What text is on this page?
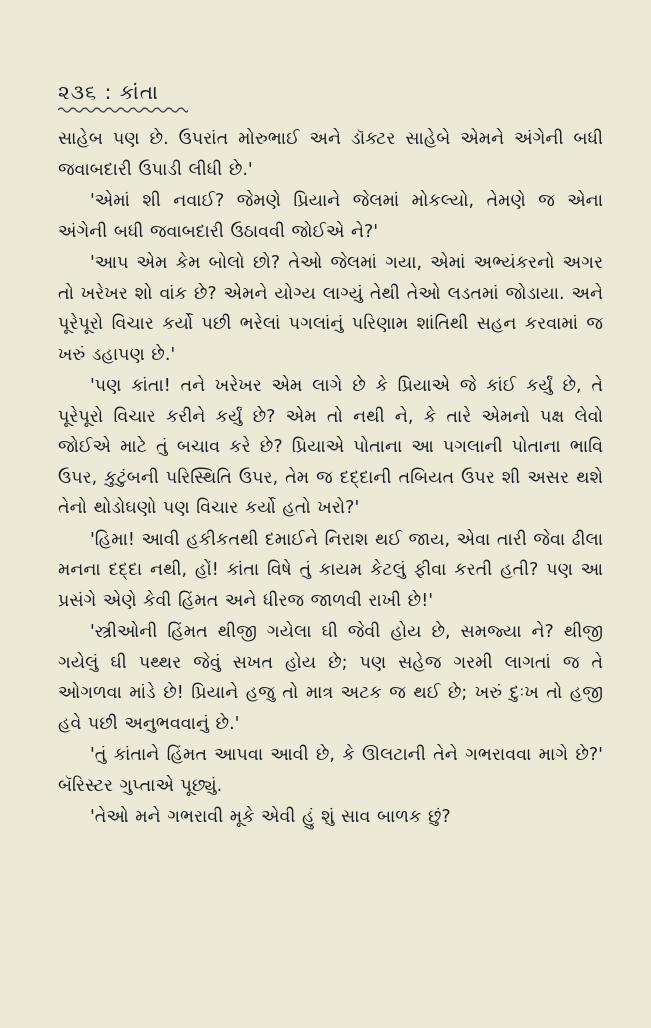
૨૩૬ : કાંતા

સાહેબ પણ છે. ઉપરાંત મોરુભાઈ અને ડૉક્ટર સાહેબે એમને અંગેની બધી જવાબદારી ઉપાડી લીધી છે.'

'એમાં શી નવાઈ? જેમણે પ્રિયાને જેલમાં મોકલ્યો, તેમણે જ એના અંગેની બધી જવાબદારી ઉઠાવવી જોઈએ ને?'

'આપ એમ કેમ બોલો છો? તેઓ જેલમાં ગયા, એમાં અભ્યંકરનો અગર તો ખરેખર શો વાંક છે? એમને યોગ્ય લાગ્યું તેથી તેઓ લડતમાં જોડાયા. અને પૂરેપૂરો વિચાર કર્યો પછી ભરેલાં પગલાંનું પરિણામ શાંતિથી સહન કરવામાં જ ખરું ડહાપણ છે.'

'પણ કાંતા! તને ખરેખર એમ લાગે છે કે પ્રિયાએ જે કાંઈ કર્યું છે, તે પૂરેપૂરો વિચાર કરીને કર્યું છે? એમ તો નથી ને, કે તારે એમનો પક્ષ લેવો જોઈએ માટે તું બચાવ કરે છે? પ્રિયાએ પોતાના આ પગલાની પોતાના ભાવિ ઉપર, કુટુંબની પરિસ્થિતિ ઉપર, તેમ જ દદ્દાની તબિયત ઉપર શી અસર થશે તેનો થોડોઘણો પણ વિચાર કર્યો હતો ખરો?'

'હિમા! આવી હકીકતથી દમાઈને નિરાશ થઈ જાય, એવા તારી જેવા ઢીલા મનના દદ્દા નથી, હોં! કાંતા વિષે તું કાયમ કેટલું ફીવા કરતી હતી? પણ આ પ્રસંગે એણે કેવી હિંમત અને ધીરજ જાળવી રાખી છે!'

'સ્ત્રીઓની હિંમત થીજી ગયેલા ઘી જેવી હોય છે, સમજ્યા ને? થીજી ગયેલું ઘી પથ્થર જેવું સખત હોય છે; પણ સહેજ ગરમી લાગતાં જ તે ઓગળવા માંડે છે! પ્રિયાને હજુ તો માત્ર અટક જ થઈ છે; ખરું દુઃખ તો હજી હવે પછી અનુભવવાનું છે.'

'તું કાંતાને હિંમત આપવા આવી છે, કે ઊલટાની તેને ગભરાવવા માગે છે?' બૅરિસ્ટર ગુપ્તાએ પૂછ્યું.

'તેઓ મને ગભરાવી મૂકે એવી હું શું સાવ બાળક છું?
